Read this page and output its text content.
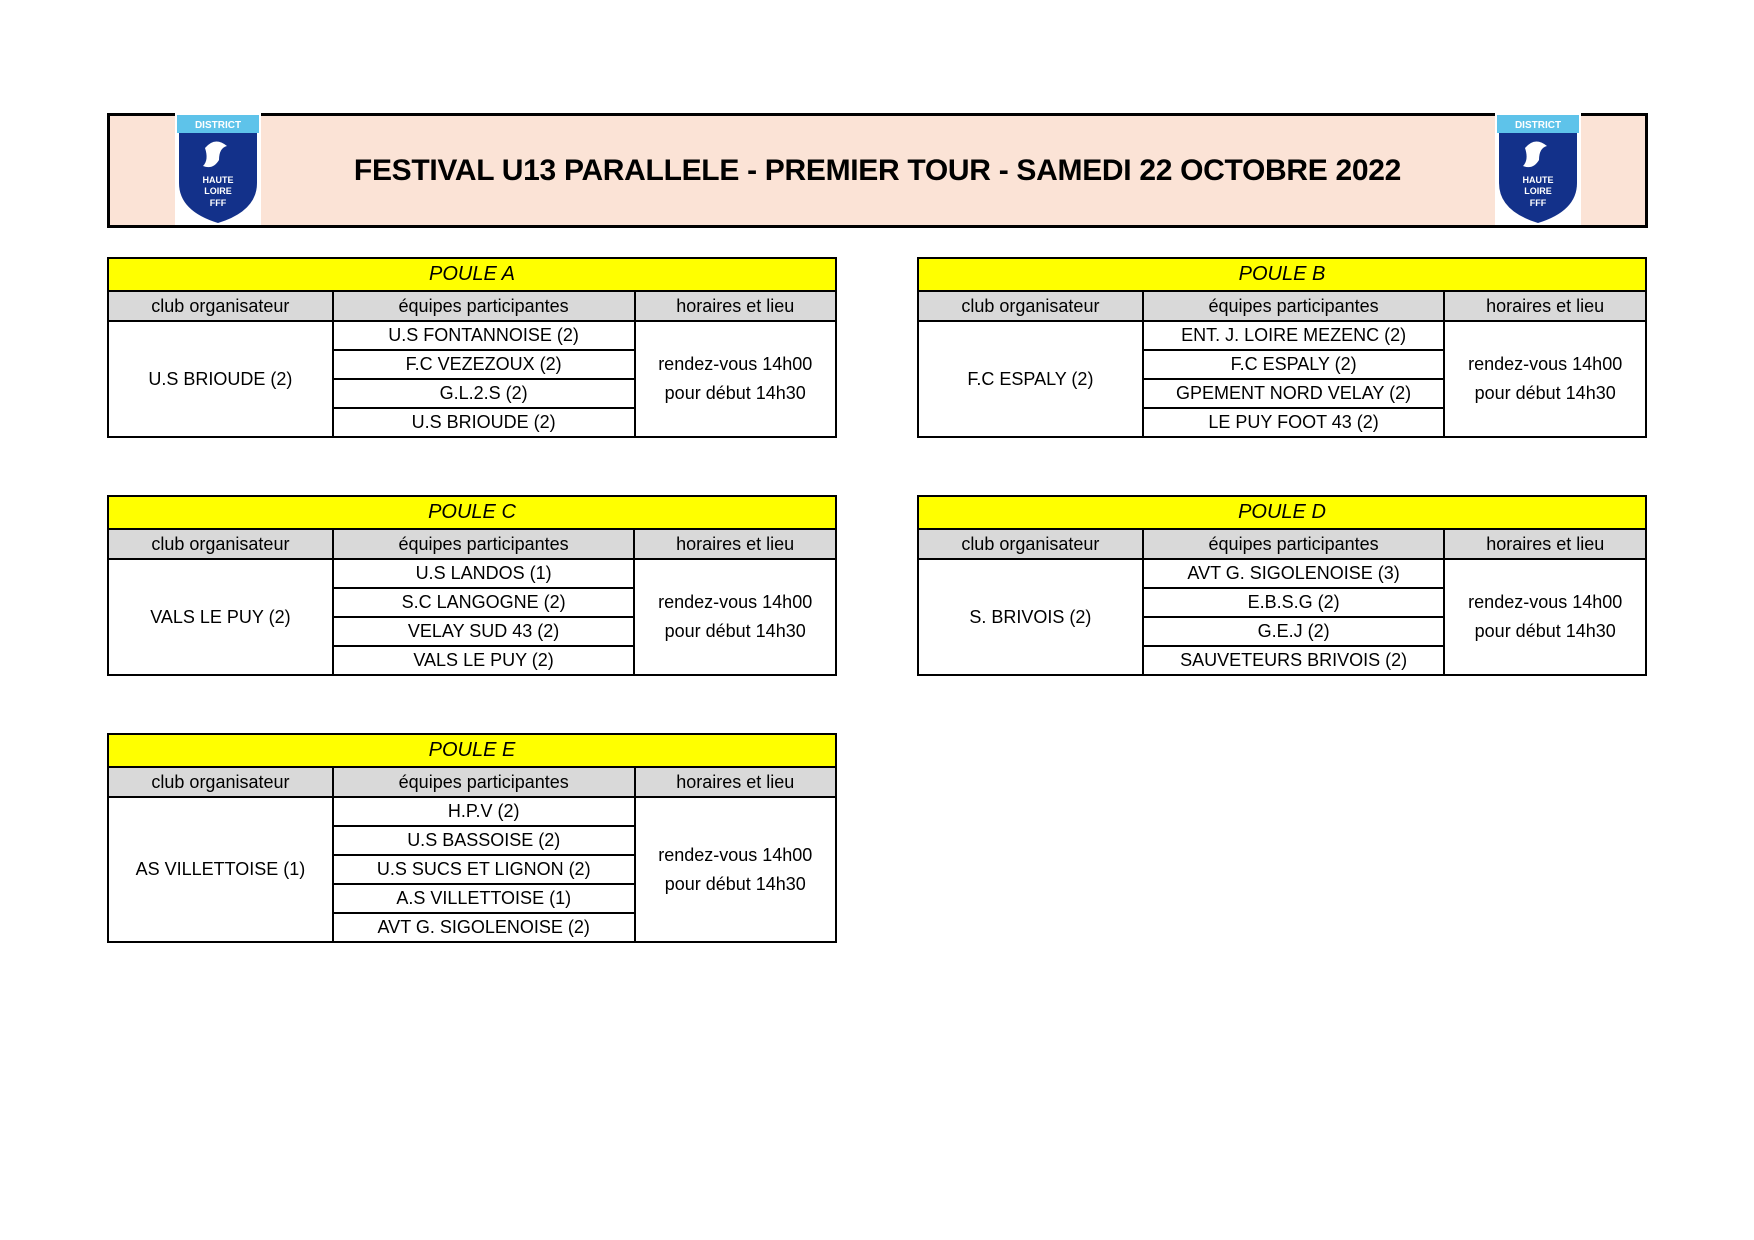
DISTRICT
HAUTE
LOIRE
FFF
FESTIVAL U13 PARALLELE - PREMIER TOUR - SAMEDI 22 OCTOBRE 2022
DISTRICT
HAUTE
LOIRE
FFF
POULE A		
club organisateur	équipes participantes	horaires et lieu
U.S BRIOUDE (2)	U.S FONTANNOISE (2)	rendez-vous 14h00
pour début 14h30

	F.C VEZEZOUX (2)	
	G.L.2.S (2)	
	U.S BRIOUDE (2)	
POULE B		
club organisateur	équipes participantes	horaires et lieu
F.C ESPALY (2)	ENT. J. LOIRE MEZENC (2)	rendez-vous 14h00
pour début 14h30

	F.C ESPALY (2)	
	GPEMENT NORD VELAY (2)	
	LE PUY FOOT 43 (2)	
POULE C		
club organisateur	équipes participantes	horaires et lieu
VALS LE PUY (2)	U.S LANDOS (1)	rendez-vous 14h00
pour début 14h30

	S.C LANGOGNE (2)	
	VELAY SUD 43 (2)	
	VALS LE PUY (2)	
POULE D		
club organisateur	équipes participantes	horaires et lieu
S. BRIVOIS (2)	AVT G. SIGOLENOISE (3)	rendez-vous 14h00
pour début 14h30

	E.B.S.G (2)	
	G.E.J (2)	
	SAUVETEURS BRIVOIS (2)	
POULE E		
club organisateur	équipes participantes	horaires et lieu
AS VILLETTOISE (1)	H.P.V (2)	rendez-vous 14h00
pour début 14h30

	U.S BASSOISE (2)	
	U.S SUCS ET LIGNON (2)	
	A.S VILLETTOISE (1)	
	AVT G. SIGOLENOISE (2)	
